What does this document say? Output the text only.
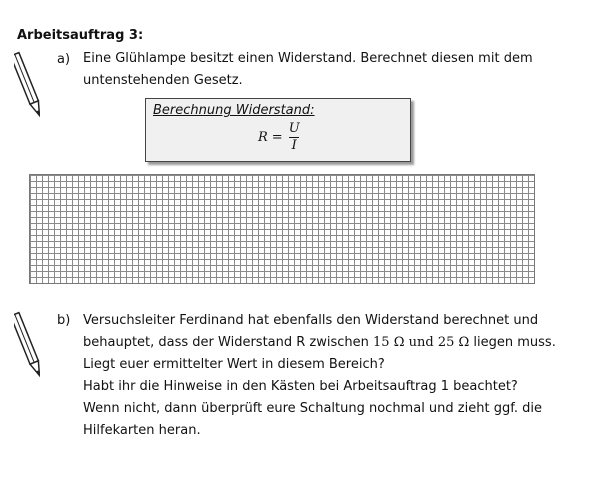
Arbeitsauftrag 3:
a) Eine Glühlampe besitzt einen Widerstand. Berechnet diesen mit dem
untenstehenden Gesetz.
Berechnung Widerstand:
$R = \frac{U}{I}$
b) Versuchsleiter Ferdinand hat ebenfalls den Widerstand berechnet und
behauptet, dass der Widerstand R zwischen 15 Ω und 25 Ω liegen muss.
Liegt euer ermittelter Wert in diesem Bereich?
Habt ihr die Hinweise in den Kästen bei Arbeitsauftrag 1 beachtet?
Wenn nicht, dann überprüft eure Schaltung nochmal und zieht ggf. die
Hilfekarten heran.
